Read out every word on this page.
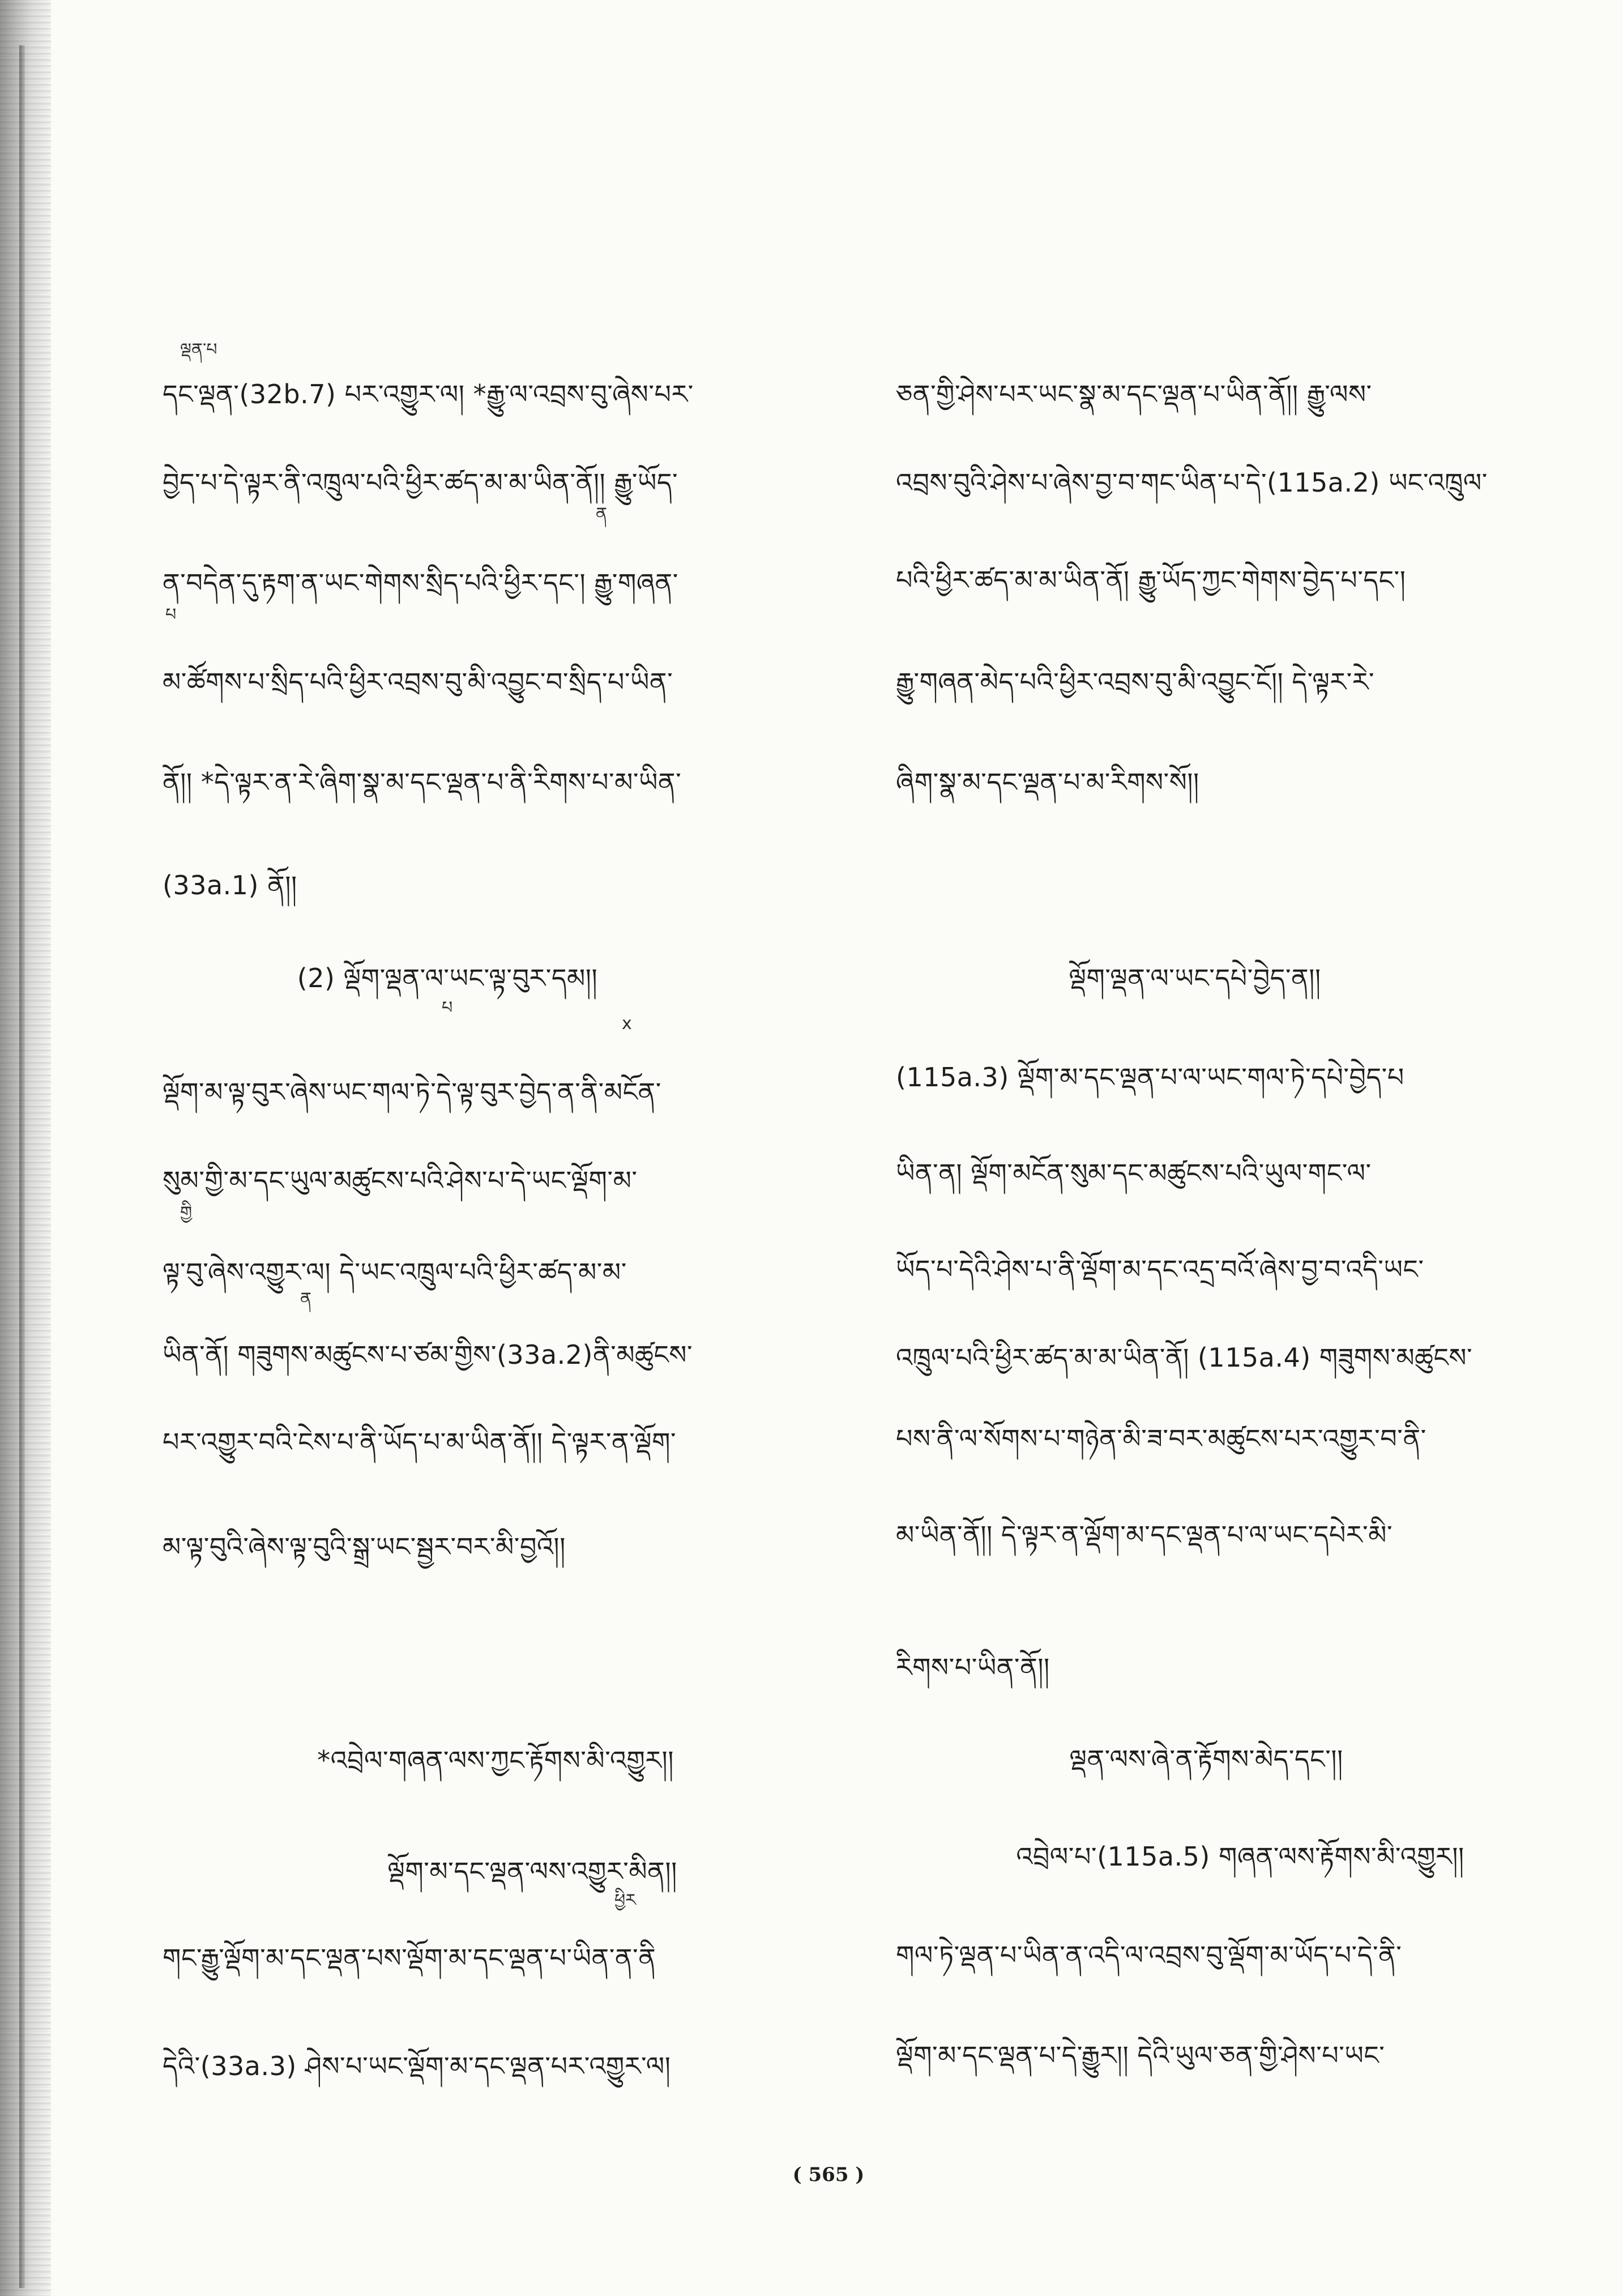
ལྡན་པ
དང་ལྡན་(32b.7) པར་འགྱུར་ལ། *རྒྱུ་ལ་འབྲས་བུ་ཞེས་པར་
བྱེད་པ་དེ་ལྟར་ནི་འཁྲུལ་པའི་ཕྱིར་ཚད་མ་མ་ཡིན་ནོ།། རྒྱུ་ཡོད་
ན
ན་བདེན་དུ་རྟག་ན་ཡང་གེགས་སྲིད་པའི་ཕྱིར་དང་། རྒྱུ་གཞན་
པ
མ་ཚོགས་པ་སྲིད་པའི་ཕྱིར་འབྲས་བུ་མི་འབྱུང་བ་སྲིད་པ་ཡིན་
ནོ།། *དེ་ལྟར་ན་རེ་ཞིག་སྣ་མ་དང་ལྡན་པ་ནི་རིགས་པ་མ་ཡིན་
(33a.1) ནོ།།
(2) ལྡོག་ལྡན་ལ་ཡང་ལྟ་བུར་དམ།།
པ
x
ལྡོག་མ་ལྟ་བུར་ཞེས་ཡང་གལ་ཏེ་དེ་ལྟ་བུར་བྱེད་ན་ནི་མངོན་
སུམ་གྱི་མ་དང་ཡུལ་མཚུངས་པའི་ཤེས་པ་དེ་ཡང་ལྡོག་མ་
གྱི
ལྟ་བུ་ཞེས་འགྱུར་ལ། དེ་ཡང་འཁྲུལ་པའི་ཕྱིར་ཚད་མ་མ་
ན
ཡིན་ནོ། གཟུགས་མཚུངས་པ་ཙམ་གྱིས་(33a.2)ནི་མཚུངས་
པར་འགྱུར་བའི་ངེས་པ་ནི་ཡོད་པ་མ་ཡིན་ནོ།། དེ་ལྟར་ན་ལྡོག་
མ་ལྟ་བུའི་ཞེས་ལྟ་བུའི་སྒྲ་ཡང་སྦྱར་བར་མི་བྱའོ།།
*འབྲེལ་གཞན་ལས་ཀྱང་རྟོགས་མི་འགྱུར།།
ལྡོག་མ་དང་ལྡན་ལས་འགྱུར་མིན།།
ཕྱིར
གང་རྒྱུ་ལྡོག་མ་དང་ལྡན་པས་ལྡོག་མ་དང་ལྡན་པ་ཡིན་ན་ནི
དེའི་(33a.3) ཤེས་པ་ཡང་ལྡོག་མ་དང་ལྡན་པར་འགྱུར་ལ།
ཅན་གྱི་ཤེས་པར་ཡང་སྣ་མ་དང་ལྡན་པ་ཡིན་ནོ།། རྒྱུ་ལས་
འབྲས་བུའི་ཤེས་པ་ཞེས་བྱ་བ་གང་ཡིན་པ་དེ་(115a.2) ཡང་འཁྲུལ་
པའི་ཕྱིར་ཚད་མ་མ་ཡིན་ནོ། རྒྱུ་ཡོད་ཀྱང་གེགས་བྱེད་པ་དང་།
རྒྱུ་གཞན་མེད་པའི་ཕྱིར་འབྲས་བུ་མི་འབྱུང་ངོ།། དེ་ལྟར་རེ་
ཞིག་སྣ་མ་དང་ལྡན་པ་མ་རིགས་སོ།།
ལྡོག་ལྡན་ལ་ཡང་དཔེ་བྱེད་ན།།
(115a.3) ལྡོག་མ་དང་ལྡན་པ་ལ་ཡང་གལ་ཏེ་དཔེ་བྱེད་པ
ཡིན་ན། ལྡོག་མངོན་སུམ་དང་མཚུངས་པའི་ཡུལ་གང་ལ་
ཡོད་པ་དེའི་ཤེས་པ་ནི་ལྡོག་མ་དང་འདྲ་བའོ་ཞེས་བྱ་བ་འདི་ཡང་
འཁྲུལ་པའི་ཕྱིར་ཚད་མ་མ་ཡིན་ནོ། (115a.4) གཟུགས་མཚུངས་
པས་ནི་ལ་སོགས་པ་གཉེན་མི་ཟ་བར་མཚུངས་པར་འགྱུར་བ་ནི་
མ་ཡིན་ནོ།། དེ་ལྟར་ན་ལྡོག་མ་དང་ལྡན་པ་ལ་ཡང་དཔེར་མི་
རིགས་པ་ཡིན་ནོ།།
ལྡན་ལས་ཞེ་ན་རྟོགས་མེད་དང་།།
འབྲེལ་པ་(115a.5) གཞན་ལས་རྟོགས་མི་འགྱུར།།
གལ་ཏེ་ལྡན་པ་ཡིན་ན་འདི་ལ་འབྲས་བུ་ལྡོག་མ་ཡོད་པ་དེ་ནི་
ལྡོག་མ་དང་ལྡན་པ་དེ་རྒྱུར།། དེའི་ཡུལ་ཅན་གྱི་ཤེས་པ་ཡང་
( 565 )
